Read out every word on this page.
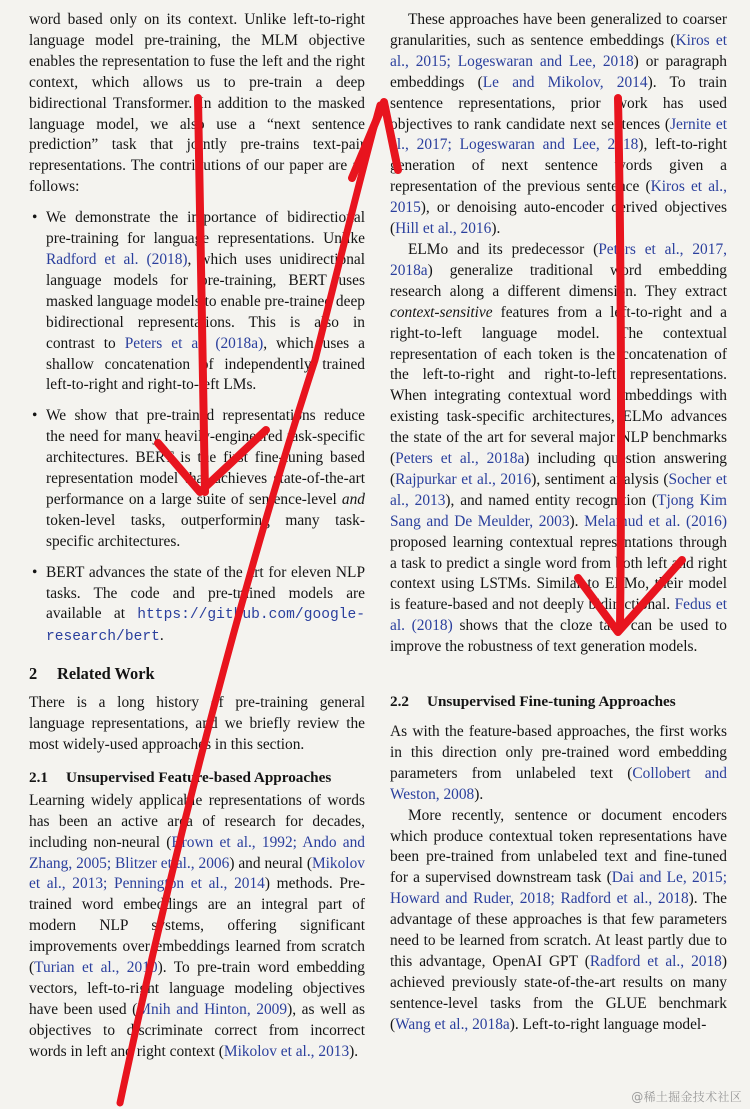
word based only on its context. Unlike left-to-right language model pre-training, the MLM objective enables the representation to fuse the left and the right context, which allows us to pre-train a deep bidirectional Transformer. In addition to the masked language model, we also use a “next sentence prediction” task that jointly pre-trains text-pair representations. The contributions of our paper are as follows:

• We demonstrate the importance of bidirectional pre-training for language representations. Unlike Radford et al. (2018), which uses unidirectional language models for pre-training, BERT uses masked language models to enable pre-trained deep bidirectional representations. This is also in contrast to Peters et al. (2018a), which uses a shallow concatenation of independently trained left-to-right and right-to-left LMs.
• We show that pre-trained representations reduce the need for many heavily-engineered task-specific architectures. BERT is the first fine-tuning based representation model that achieves state-of-the-art performance on a large suite of sentence-level and token-level tasks, outperforming many task-specific architectures.
• BERT advances the state of the art for eleven NLP tasks. The code and pre-trained models are available at https://github.com/google-research/bert.
2 Related Work

There is a long history of pre-training general language representations, and we briefly review the most widely-used approaches in this section.

2.1 Unsupervised Feature-based Approaches

Learning widely applicable representations of words has been an active area of research for decades, including non-neural (Brown et al., 1992; Ando and Zhang, 2005; Blitzer et al., 2006) and neural (Mikolov et al., 2013; Pennington et al., 2014) methods. Pre-trained word embeddings are an integral part of modern NLP systems, offering significant improvements over embeddings learned from scratch (Turian et al., 2010). To pre-train word embedding vectors, left-to-right language modeling objectives have been used (Mnih and Hinton, 2009), as well as objectives to discriminate correct from incorrect words in left and right context (Mikolov et al., 2013).

These approaches have been generalized to coarser granularities, such as sentence embeddings (Kiros et al., 2015; Logeswaran and Lee, 2018) or paragraph embeddings (Le and Mikolov, 2014). To train sentence representations, prior work has used objectives to rank candidate next sentences (Jernite et al., 2017; Logeswaran and Lee, 2018), left-to-right generation of next sentence words given a representation of the previous sentence (Kiros et al., 2015), or denoising auto-encoder derived objectives (Hill et al., 2016).

ELMo and its predecessor (Peters et al., 2017, 2018a) generalize traditional word embedding research along a different dimension. They extract context-sensitive features from a left-to-right and a right-to-left language model. The contextual representation of each token is the concatenation of the left-to-right and right-to-left representations. When integrating contextual word embeddings with existing task-specific architectures, ELMo advances the state of the art for several major NLP benchmarks (Peters et al., 2018a) including question answering (Rajpurkar et al., 2016), sentiment analysis (Socher et al., 2013), and named entity recognition (Tjong Kim Sang and De Meulder, 2003). Melamud et al. (2016) proposed learning contextual representations through a task to predict a single word from both left and right context using LSTMs. Similar to ELMo, their model is feature-based and not deeply bidirectional. Fedus et al. (2018) shows that the cloze task can be used to improve the robustness of text generation models.

2.2 Unsupervised Fine-tuning Approaches

As with the feature-based approaches, the first works in this direction only pre-trained word embedding parameters from unlabeled text (Collobert and Weston, 2008).

More recently, sentence or document encoders which produce contextual token representations have been pre-trained from unlabeled text and fine-tuned for a supervised downstream task (Dai and Le, 2015; Howard and Ruder, 2018; Radford et al., 2018). The advantage of these approaches is that few parameters need to be learned from scratch. At least partly due to this advantage, OpenAI GPT (Radford et al., 2018) achieved previously state-of-the-art results on many sentence-level tasks from the GLUE benchmark (Wang et al., 2018a). Left-to-right language model-

@稀土掘金技术社区
